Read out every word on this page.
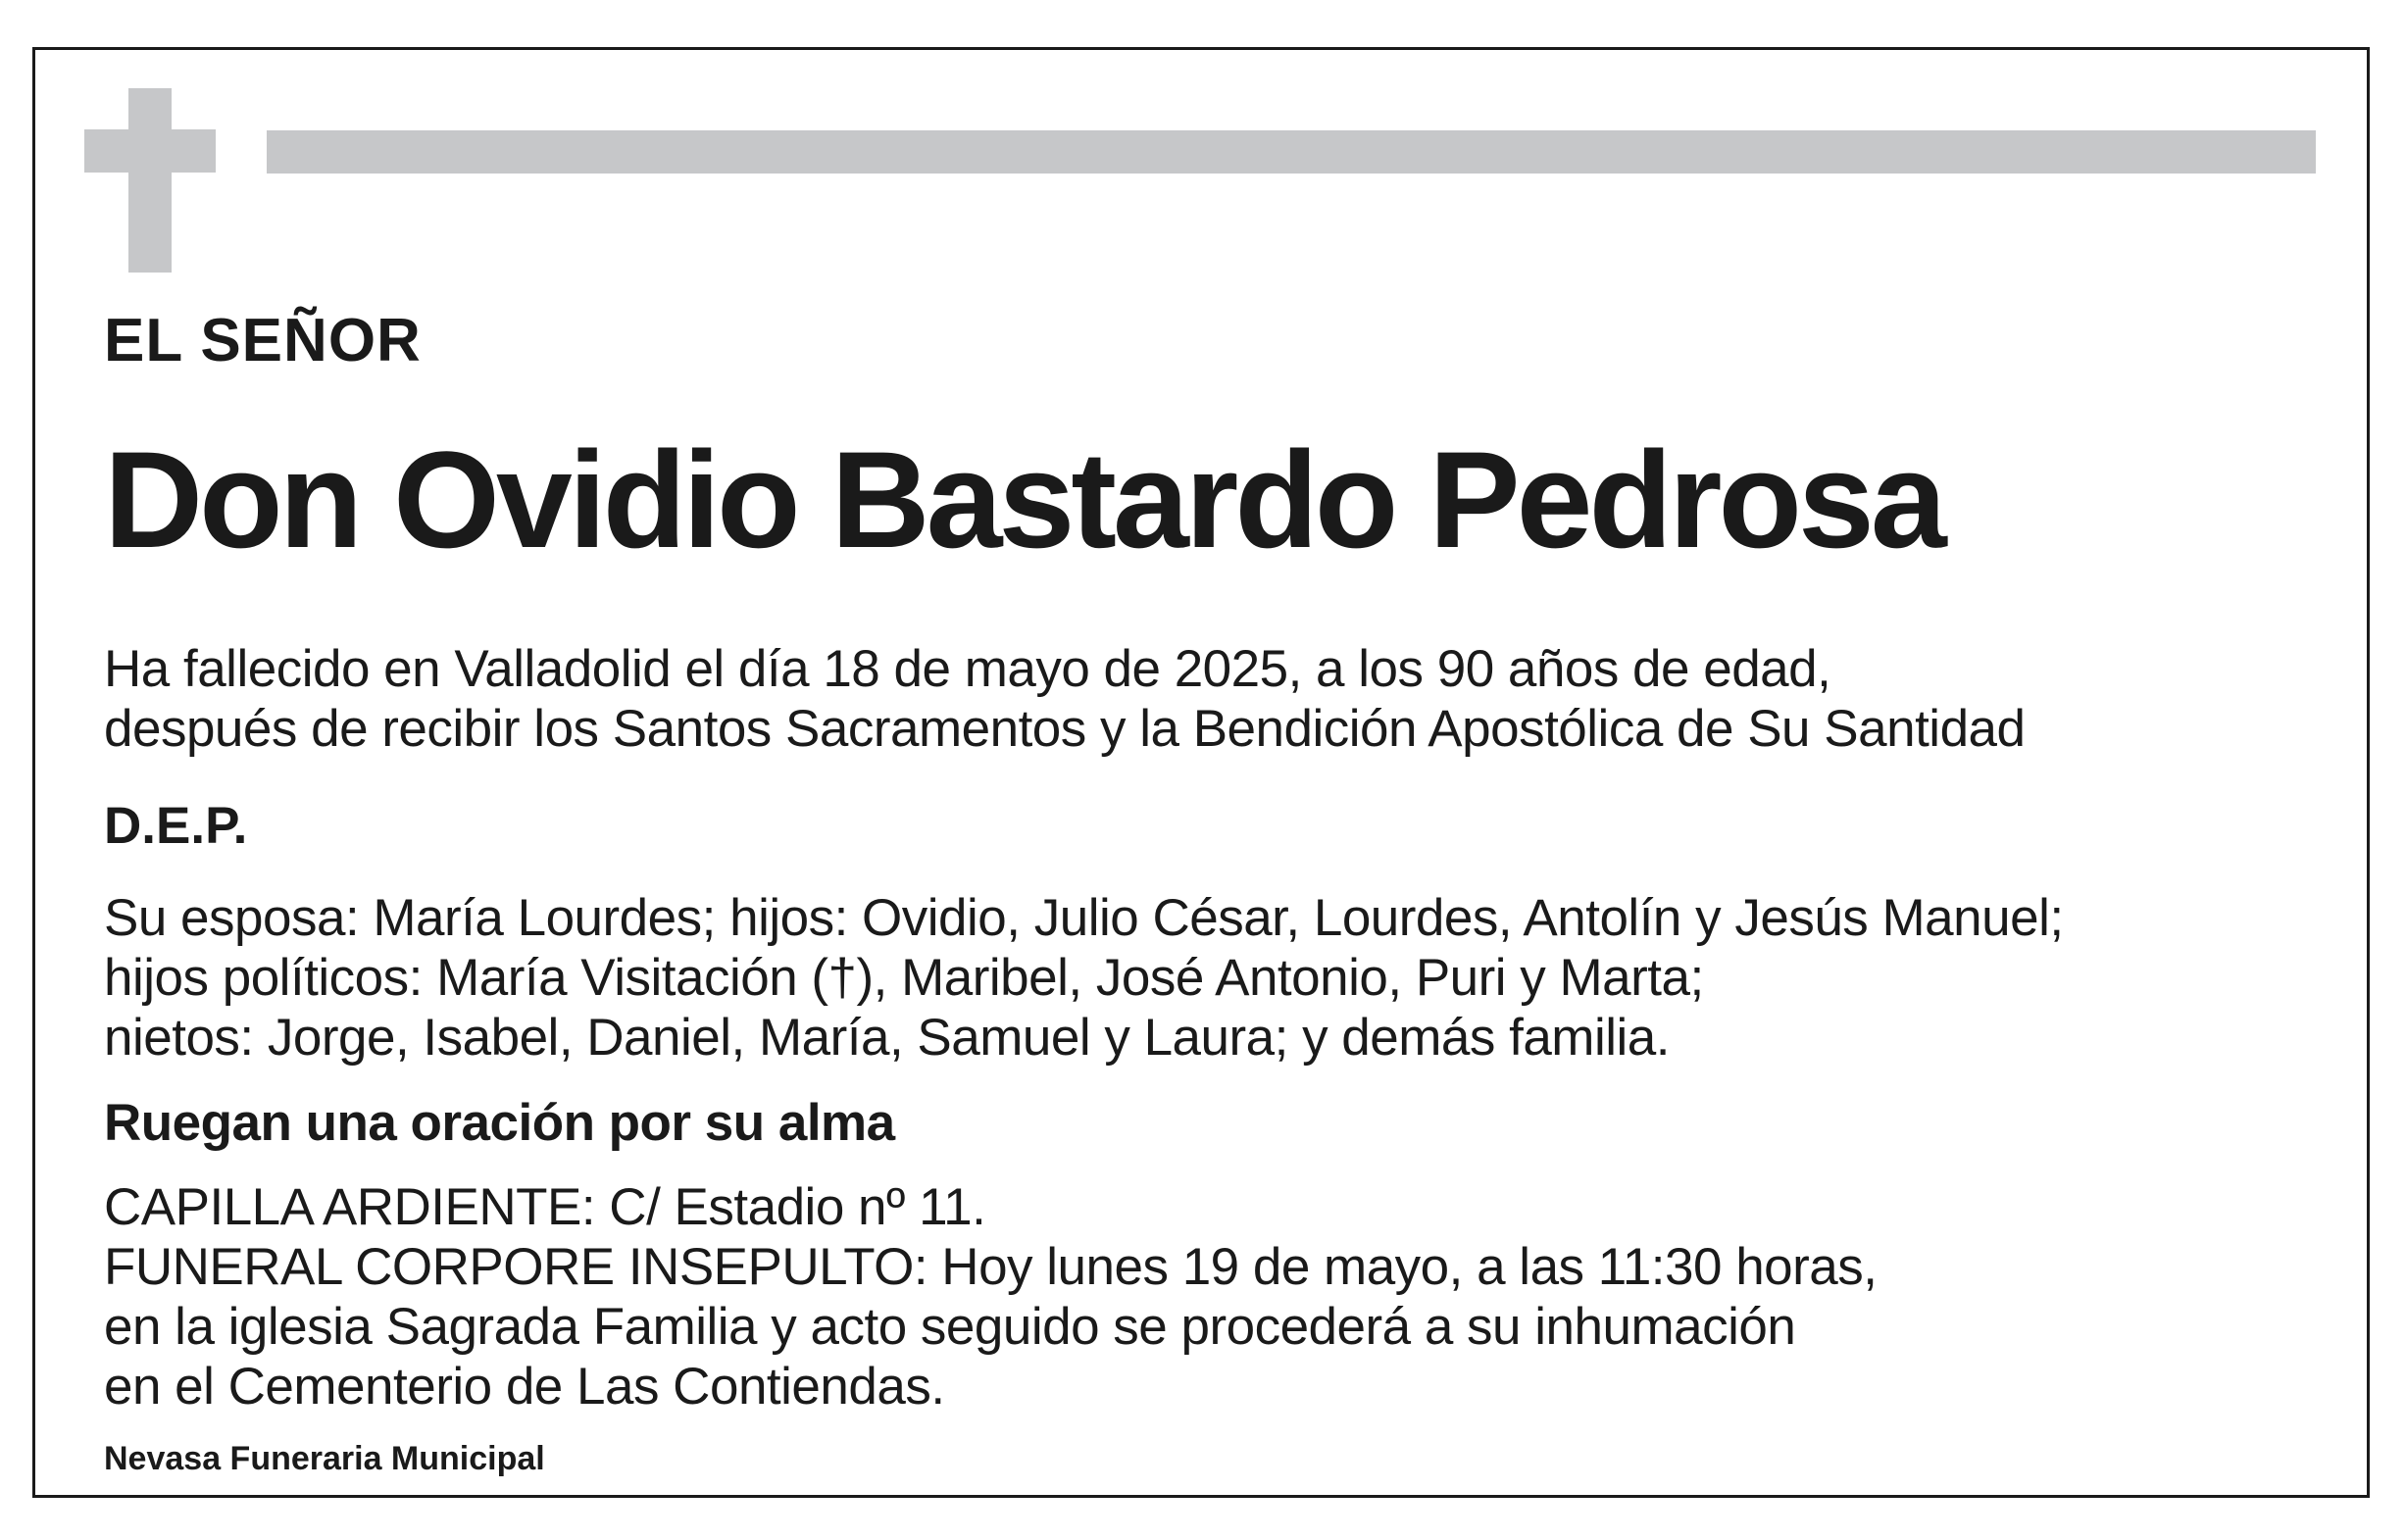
EL SEÑOR

Don Ovidio Bastardo Pedrosa

Ha fallecido en Valladolid el día 18 de mayo de 2025, a los 90 años de edad,
después de recibir los Santos Sacramentos y la Bendición Apostólica de Su Santidad

D.E.P.

Su esposa: María Lourdes; hijos: Ovidio, Julio César, Lourdes, Antolín y Jesús Manuel;
hijos políticos: María Visitación (†), Maribel, José Antonio, Puri y Marta;
nietos: Jorge, Isabel, Daniel, María, Samuel y Laura; y demás familia.

Ruegan una oración por su alma

CAPILLA ARDIENTE: C/ Estadio nº 11.
FUNERAL CORPORE INSEPULTO: Hoy lunes 19 de mayo, a las 11:30 horas,
en la iglesia Sagrada Familia y acto seguido se procederá a su inhumación
en el Cementerio de Las Contiendas.

Nevasa Funeraria Municipal
